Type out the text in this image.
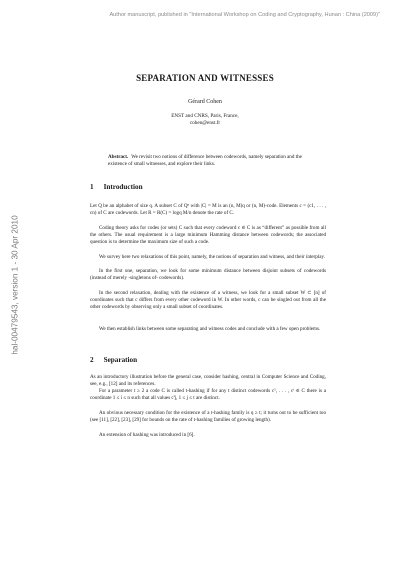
Author manuscript, published in "International Workshop on Coding and Cryptography, Hunan : China (2009)"
hal-00479543, version 1 - 30 Apr 2010
SEPARATION AND WITNESSES
Gérard Cohen
ENST and CNRS, Paris, France,
cohen@enst.fr
Abstract. We revisit two notions of difference between codewords, namely separation and the existence of small witnesses, and explore their links.
1 Introduction
Let Q be an alphabet of size q. A subset C of Qⁿ with |C| = M is an (n, M)q or (n, M)-code. Elements c = (c1, . . . , cn) of C are codewords. Let R = R(C) = logq M/n denote the rate of C.
Coding theory asks for codes (or sets) C such that every codeword c ∈ C is as “different” as possible from all the others. The usual requirement is a large minimum Hamming distance between codewords; the associated question is to determine the maximum size of such a code.
We survey here two relaxations of this point, namely, the notions of separation and witness, and their interplay.
In the first one, separation, we look for some minimum distance between disjoint subsets of codewords (instead of merely -singletons of- codewords).
In the second relaxation, dealing with the existence of a witness, we look for a small subset W ⊂ [n] of coordinates such that c differs from every other codeword in W. In other words, c can be singled out from all the other codewords by observing only a small subset of coordinates.
We then establish links between some separating and witness codes and conclude with a few open problems.
2 Separation
As an introductory illustration before the general case, consider hashing, central in Computer Science and Coding, see, e.g., [12] and its references.
For a parameter t ≥ 2 a code C is called t-hashing if for any t distinct codewords c¹, . . . , cᵗ ∈ C there is a coordinate 1 ≤ i ≤ n such that all values cⁱj, 1 ≤ j ≤ t are distinct.
An obvious necessary condition for the existence of a t-hashing family is q ≥ t; it turns out to be sufficient too (see [11], [22], [23], [29] for bounds on the rate of t-hashing families of growing length).
An extension of hashing was introduced in [6].
